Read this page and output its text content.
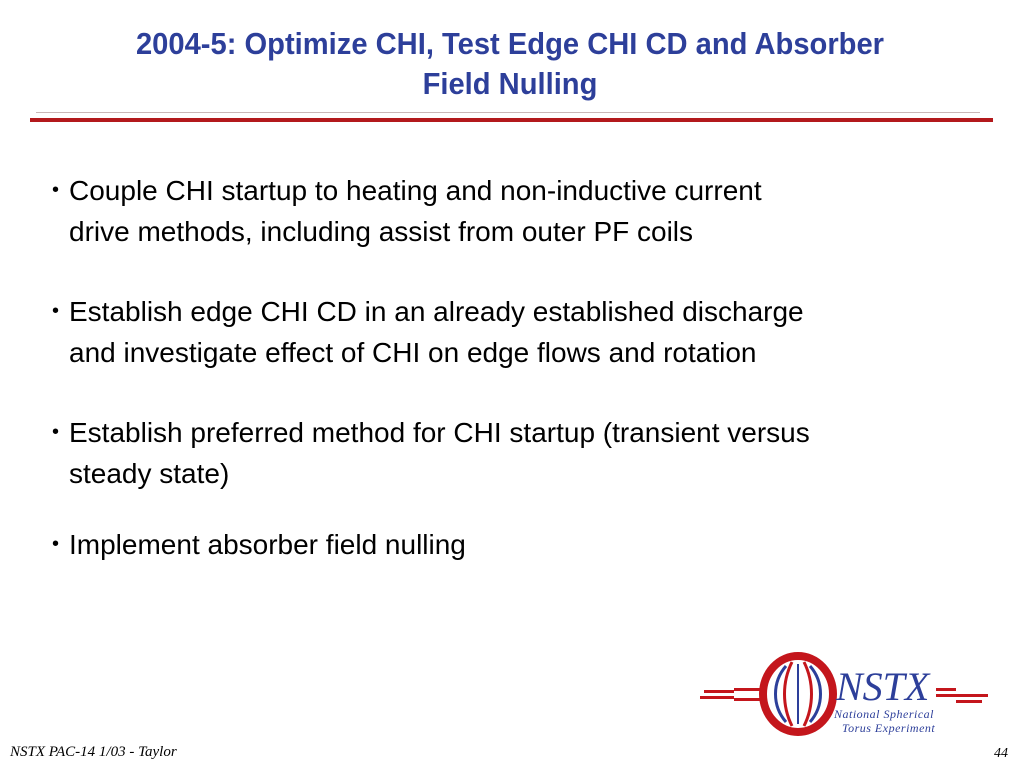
2004-5: Optimize CHI, Test Edge CHI CD and Absorber
Field Nulling
• Couple CHI startup to heating and non-inductive current
drive methods, including assist from outer PF coils
• Establish edge CHI CD in an already established discharge
and investigate effect of CHI on edge flows and rotation
• Establish preferred method for CHI startup (transient versus
steady state)
• Implement absorber field nulling
NSTX
National Spherical
Torus Experiment
NSTX PAC-14 1/03 - Taylor	44
